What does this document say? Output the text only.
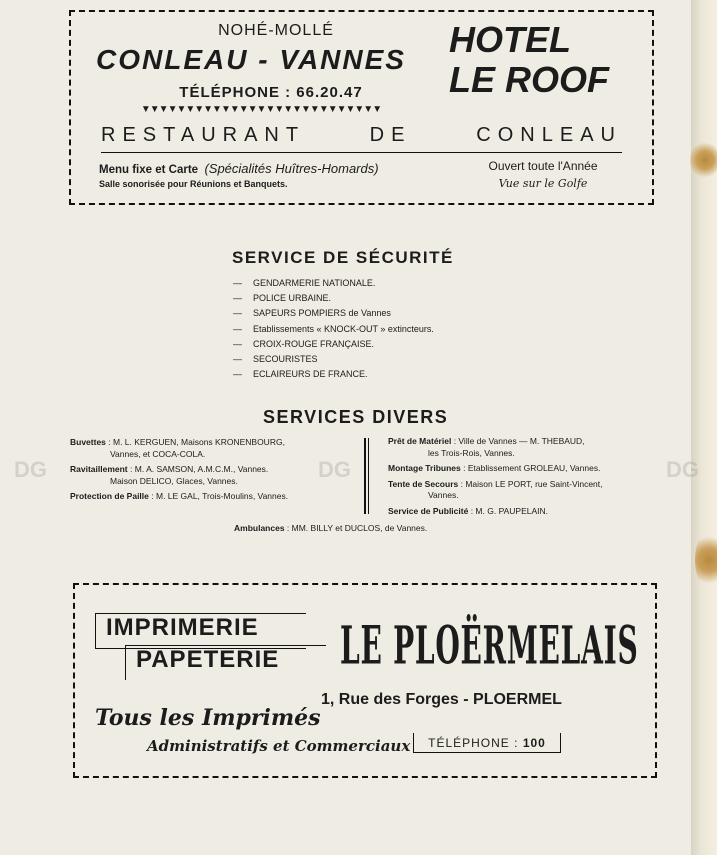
NOHÉ-MOLLÉ
CONLEAU - VANNES
TÉLÉPHONE : 66.20.47
▼▼▼▼▼▼▼▼▼▼▼▼▼▼▼▼▼▼▼▼▼▼▼▼▼▼▼
HOTEL
LE ROOF
RESTAURANT DE CONLEAU
Menu fixe et Carte (Spécialités Huîtres-Homards)
Salle sonorisée pour Réunions et Banquets.
Ouvert toute l'Année
Vue sur le Golfe
SERVICE DE SÉCURITÉ
— GENDARMERIE NATIONALE.
— POLICE URBAINE.
— SAPEURS POMPIERS de Vannes
— Etablissements « KNOCK-OUT » extincteurs.
— CROIX-ROUGE FRANÇAISE.
— SECOURISTES
— ECLAIREURS DE FRANCE.
DG	DG	DG
SERVICES DIVERS
Buvettes : M. L. KERGUEN, Maisons KRONENBOURG,
Vannes, et COCA-COLA.
Ravitaillement : M. A. SAMSON, A.M.C.M., Vannes.
Maison DELICO, Glaces, Vannes.
Protection de Paille : M. LE GAL, Trois-Moulins, Vannes.
Prêt de Matériel : Ville de Vannes — M. THEBAUD,
les Trois-Rois, Vannes.
Montage Tribunes : Etablissement GROLEAU, Vannes.
Tente de Secours : Maison LE PORT, rue Saint-Vincent,
Vannes.
Service de Publicité : M. G. PAUPELAIN.
Ambulances : MM. BILLY et DUCLOS, de Vannes.
IMPRIMERIE
PAPETERIE	LE PLOËRMELAIS
1, Rue des Forges - PLOERMEL
Tous les Imprimés
Administratifs et Commerciaux	TÉLÉPHONE : 100
